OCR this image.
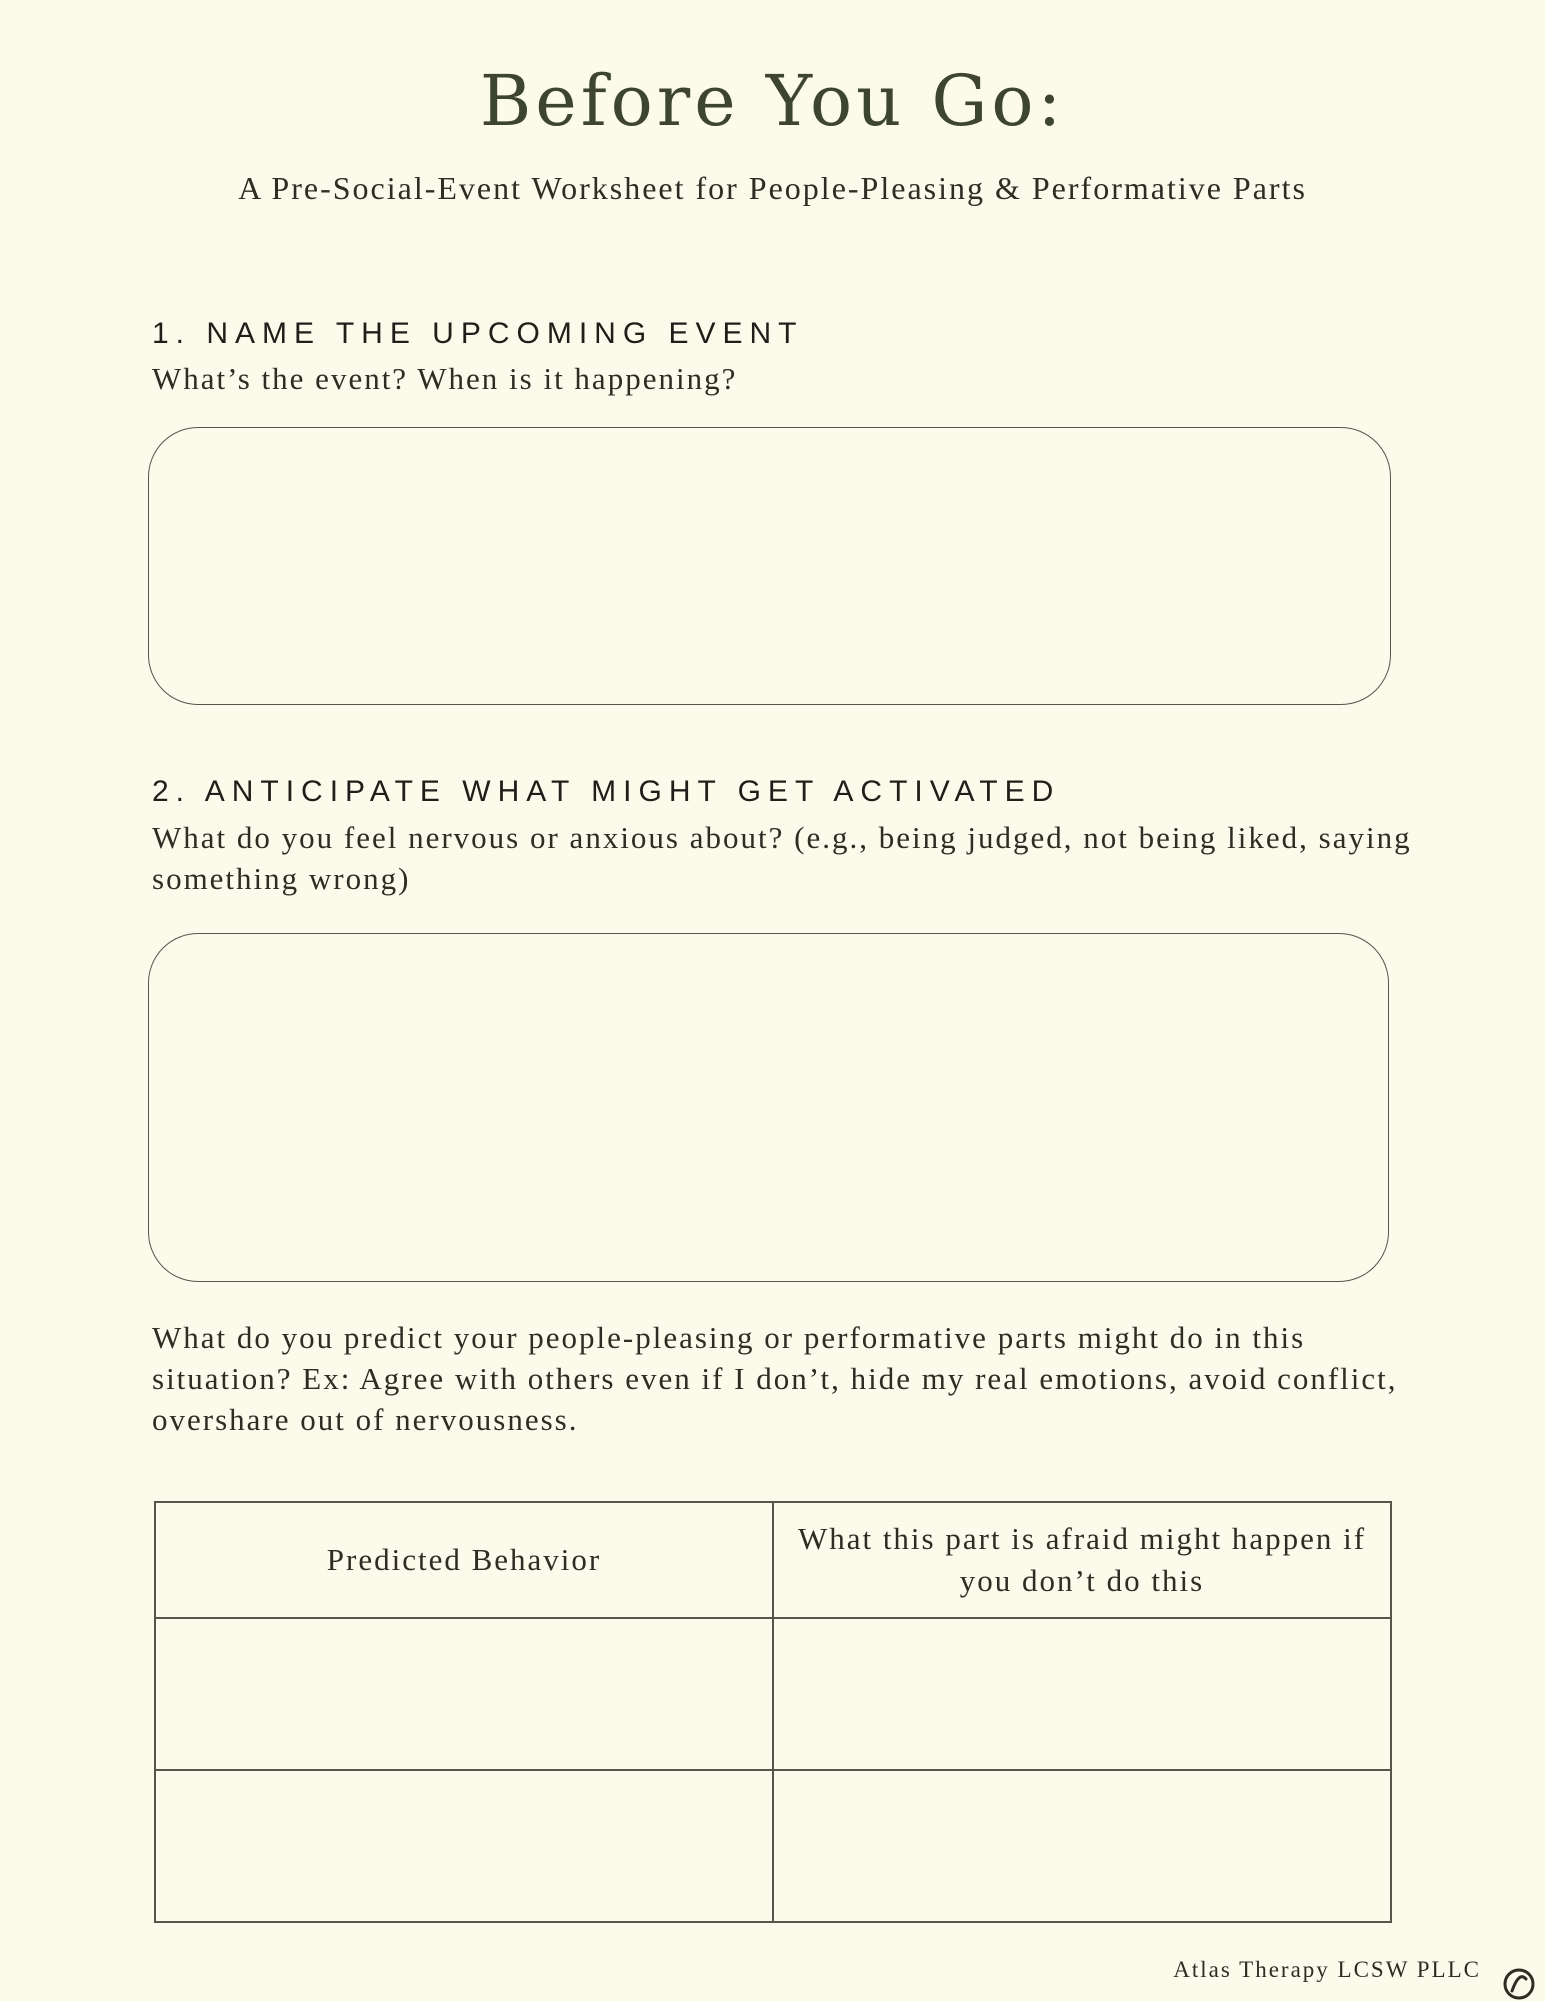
Before You Go:

A Pre-Social-Event Worksheet for People-Pleasing & Performative Parts

1. NAME THE UPCOMING EVENT

What’s the event? When is it happening?

2. ANTICIPATE WHAT MIGHT GET ACTIVATED

What do you feel nervous or anxious about? (e.g., being judged, not being liked, saying something wrong)

What do you predict your people-pleasing or performative parts might do in this situation? Ex: Agree with others even if I don’t, hide my real emotions, avoid conflict, overshare out of nervousness.

Predicted Behavior	What this part is afraid might happen if you don’t do this

Atlas Therapy LCSW PLLC
